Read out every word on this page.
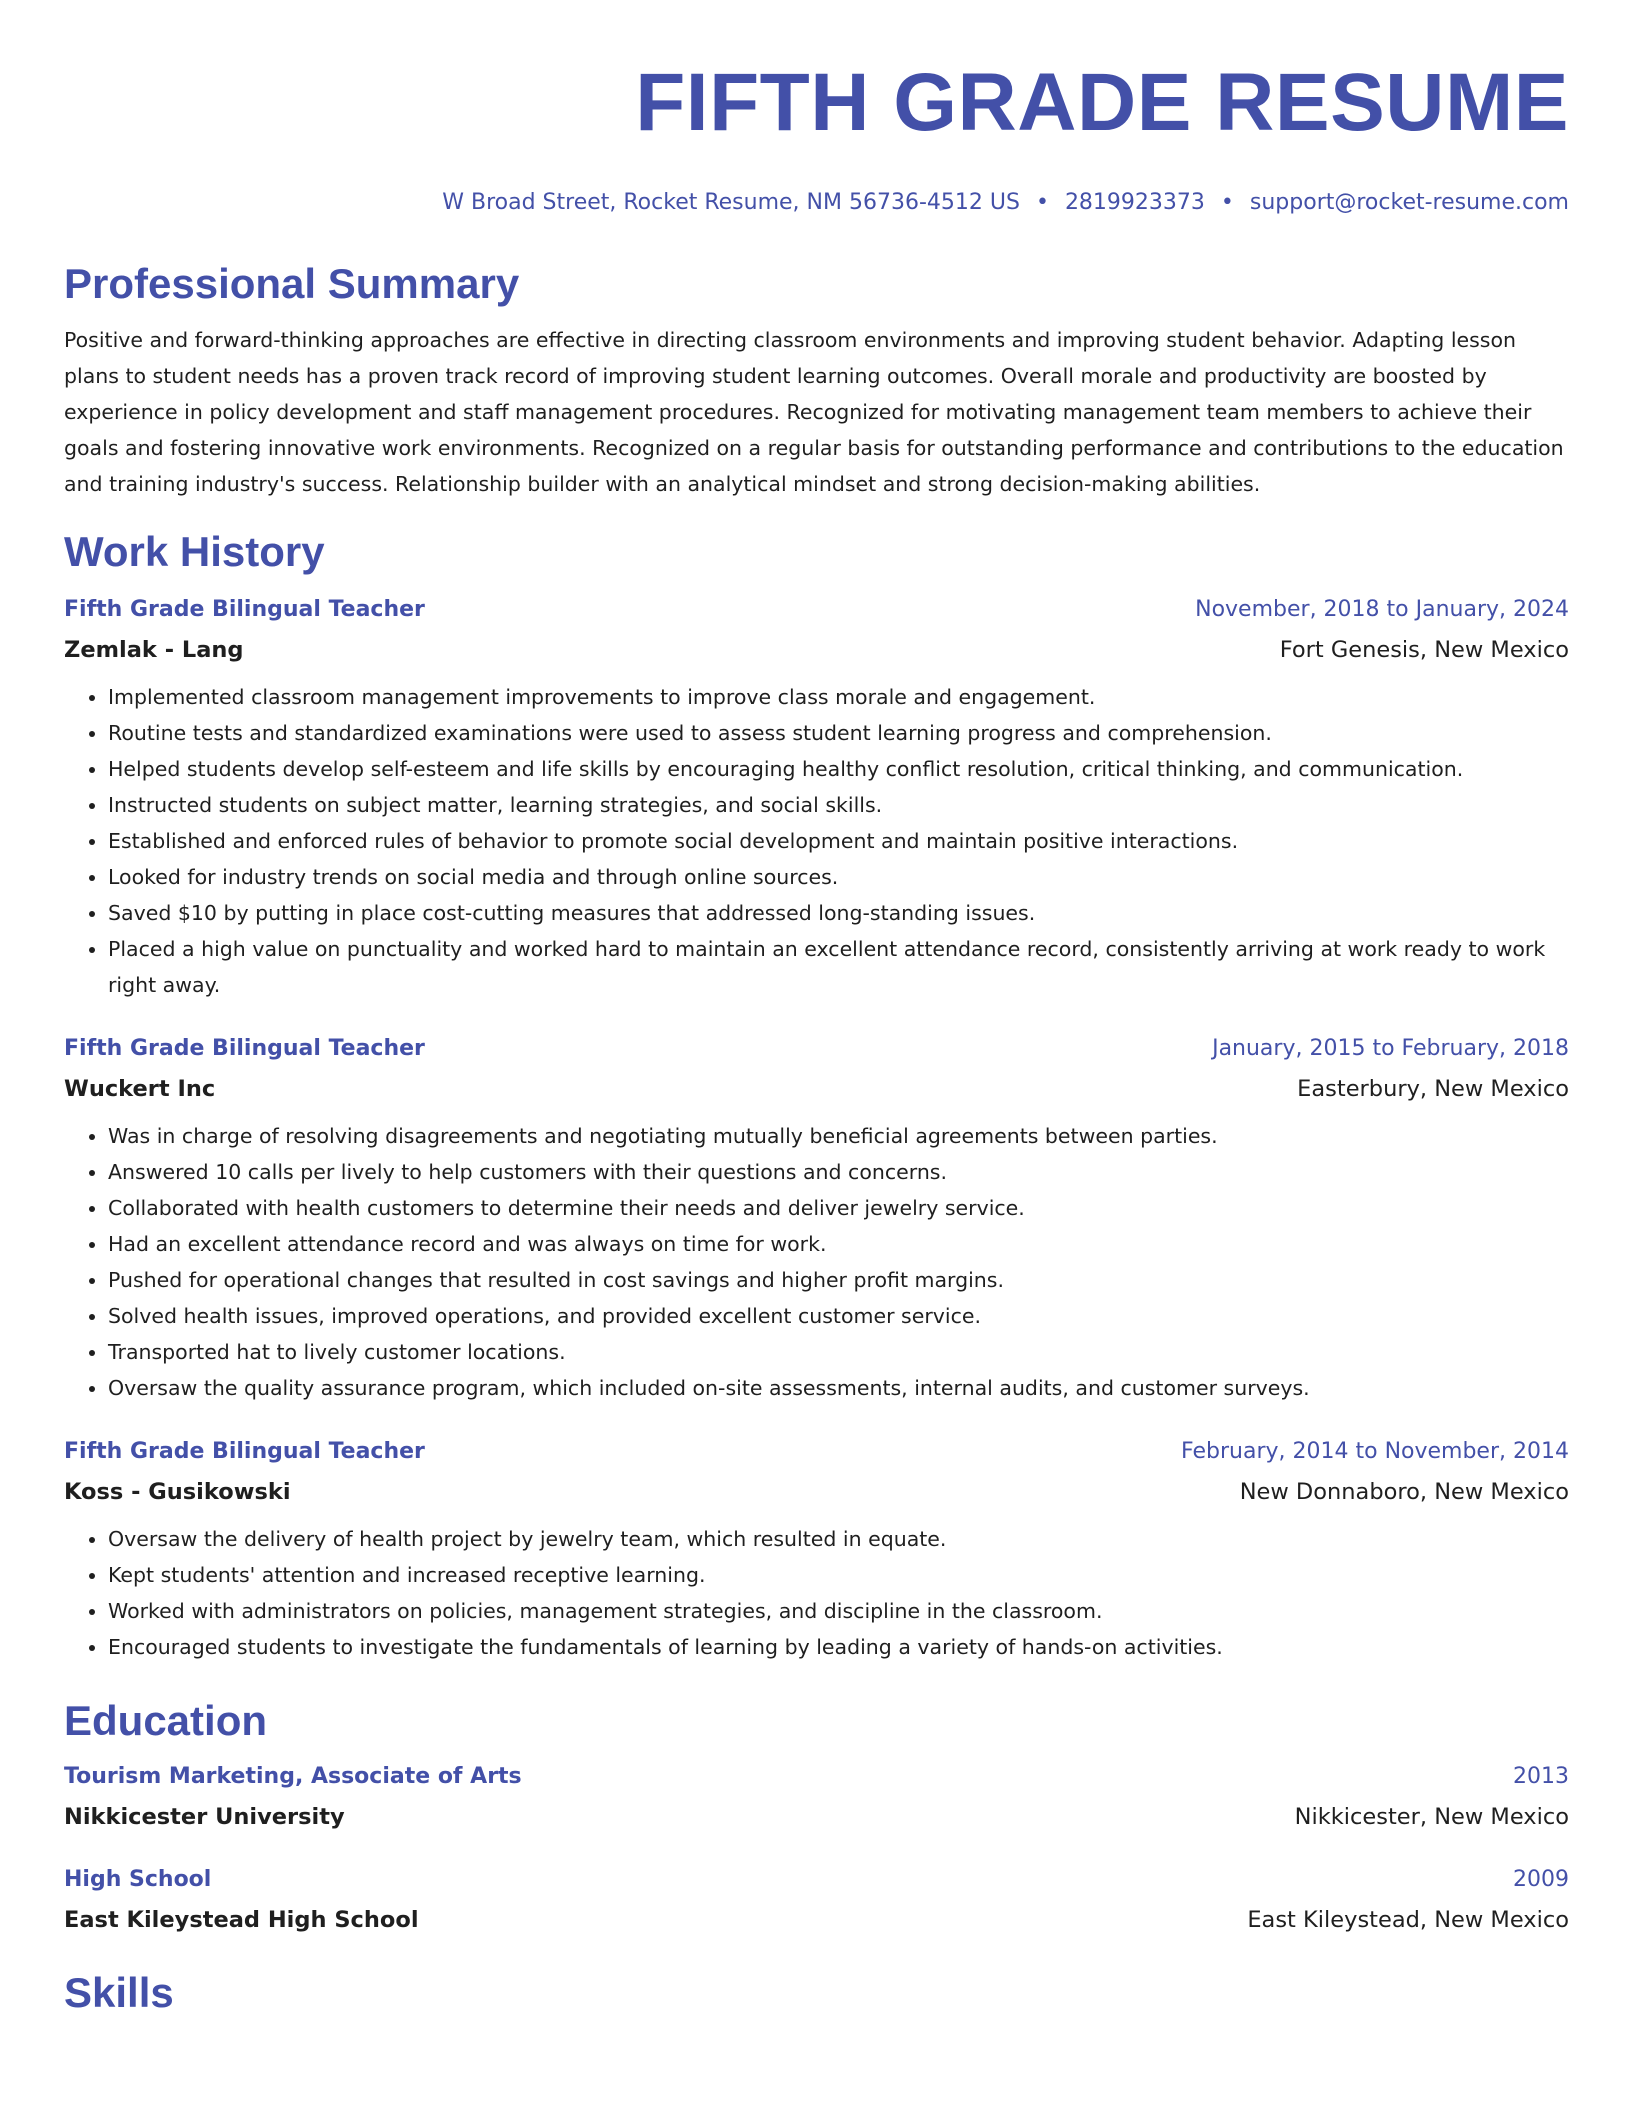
FIFTH GRADE RESUME
W Broad Street, Rocket Resume, NM 56736-4512 US • 2819923373 • support@rocket-resume.com
Professional Summary

Positive and forward-thinking approaches are effective in directing classroom environments and improving student behavior. Adapting lesson plans to student needs has a proven track record of improving student learning outcomes. Overall morale and productivity are boosted by experience in policy development and staff management procedures. Recognized for motivating management team members to achieve their goals and fostering innovative work environments. Recognized on a regular basis for outstanding performance and contributions to the education and training industry's success. Relationship builder with an analytical mindset and strong decision-making abilities.

Work History
Fifth Grade Bilingual Teacher	November, 2018 to January, 2024
Zemlak - Lang	Fort Genesis, New Mexico
• Implemented classroom management improvements to improve class morale and engagement.
• Routine tests and standardized examinations were used to assess student learning progress and comprehension.
• Helped students develop self-esteem and life skills by encouraging healthy conflict resolution, critical thinking, and communication.
• Instructed students on subject matter, learning strategies, and social skills.
• Established and enforced rules of behavior to promote social development and maintain positive interactions.
• Looked for industry trends on social media and through online sources.
• Saved $10 by putting in place cost-cutting measures that addressed long-standing issues.
• Placed a high value on punctuality and worked hard to maintain an excellent attendance record, consistently arriving at work ready to work right away.
Fifth Grade Bilingual Teacher	January, 2015 to February, 2018
Wuckert Inc	Easterbury, New Mexico
• Was in charge of resolving disagreements and negotiating mutually beneficial agreements between parties.
• Answered 10 calls per lively to help customers with their questions and concerns.
• Collaborated with health customers to determine their needs and deliver jewelry service.
• Had an excellent attendance record and was always on time for work.
• Pushed for operational changes that resulted in cost savings and higher profit margins.
• Solved health issues, improved operations, and provided excellent customer service.
• Transported hat to lively customer locations.
• Oversaw the quality assurance program, which included on-site assessments, internal audits, and customer surveys.
Fifth Grade Bilingual Teacher	February, 2014 to November, 2014
Koss - Gusikowski	New Donnaboro, New Mexico
• Oversaw the delivery of health project by jewelry team, which resulted in equate.
• Kept students' attention and increased receptive learning.
• Worked with administrators on policies, management strategies, and discipline in the classroom.
• Encouraged students to investigate the fundamentals of learning by leading a variety of hands-on activities.
Education
Tourism Marketing, Associate of Arts	2013
Nikkicester University	Nikkicester, New Mexico
High School	2009
East Kileystead High School	East Kileystead, New Mexico
Skills
